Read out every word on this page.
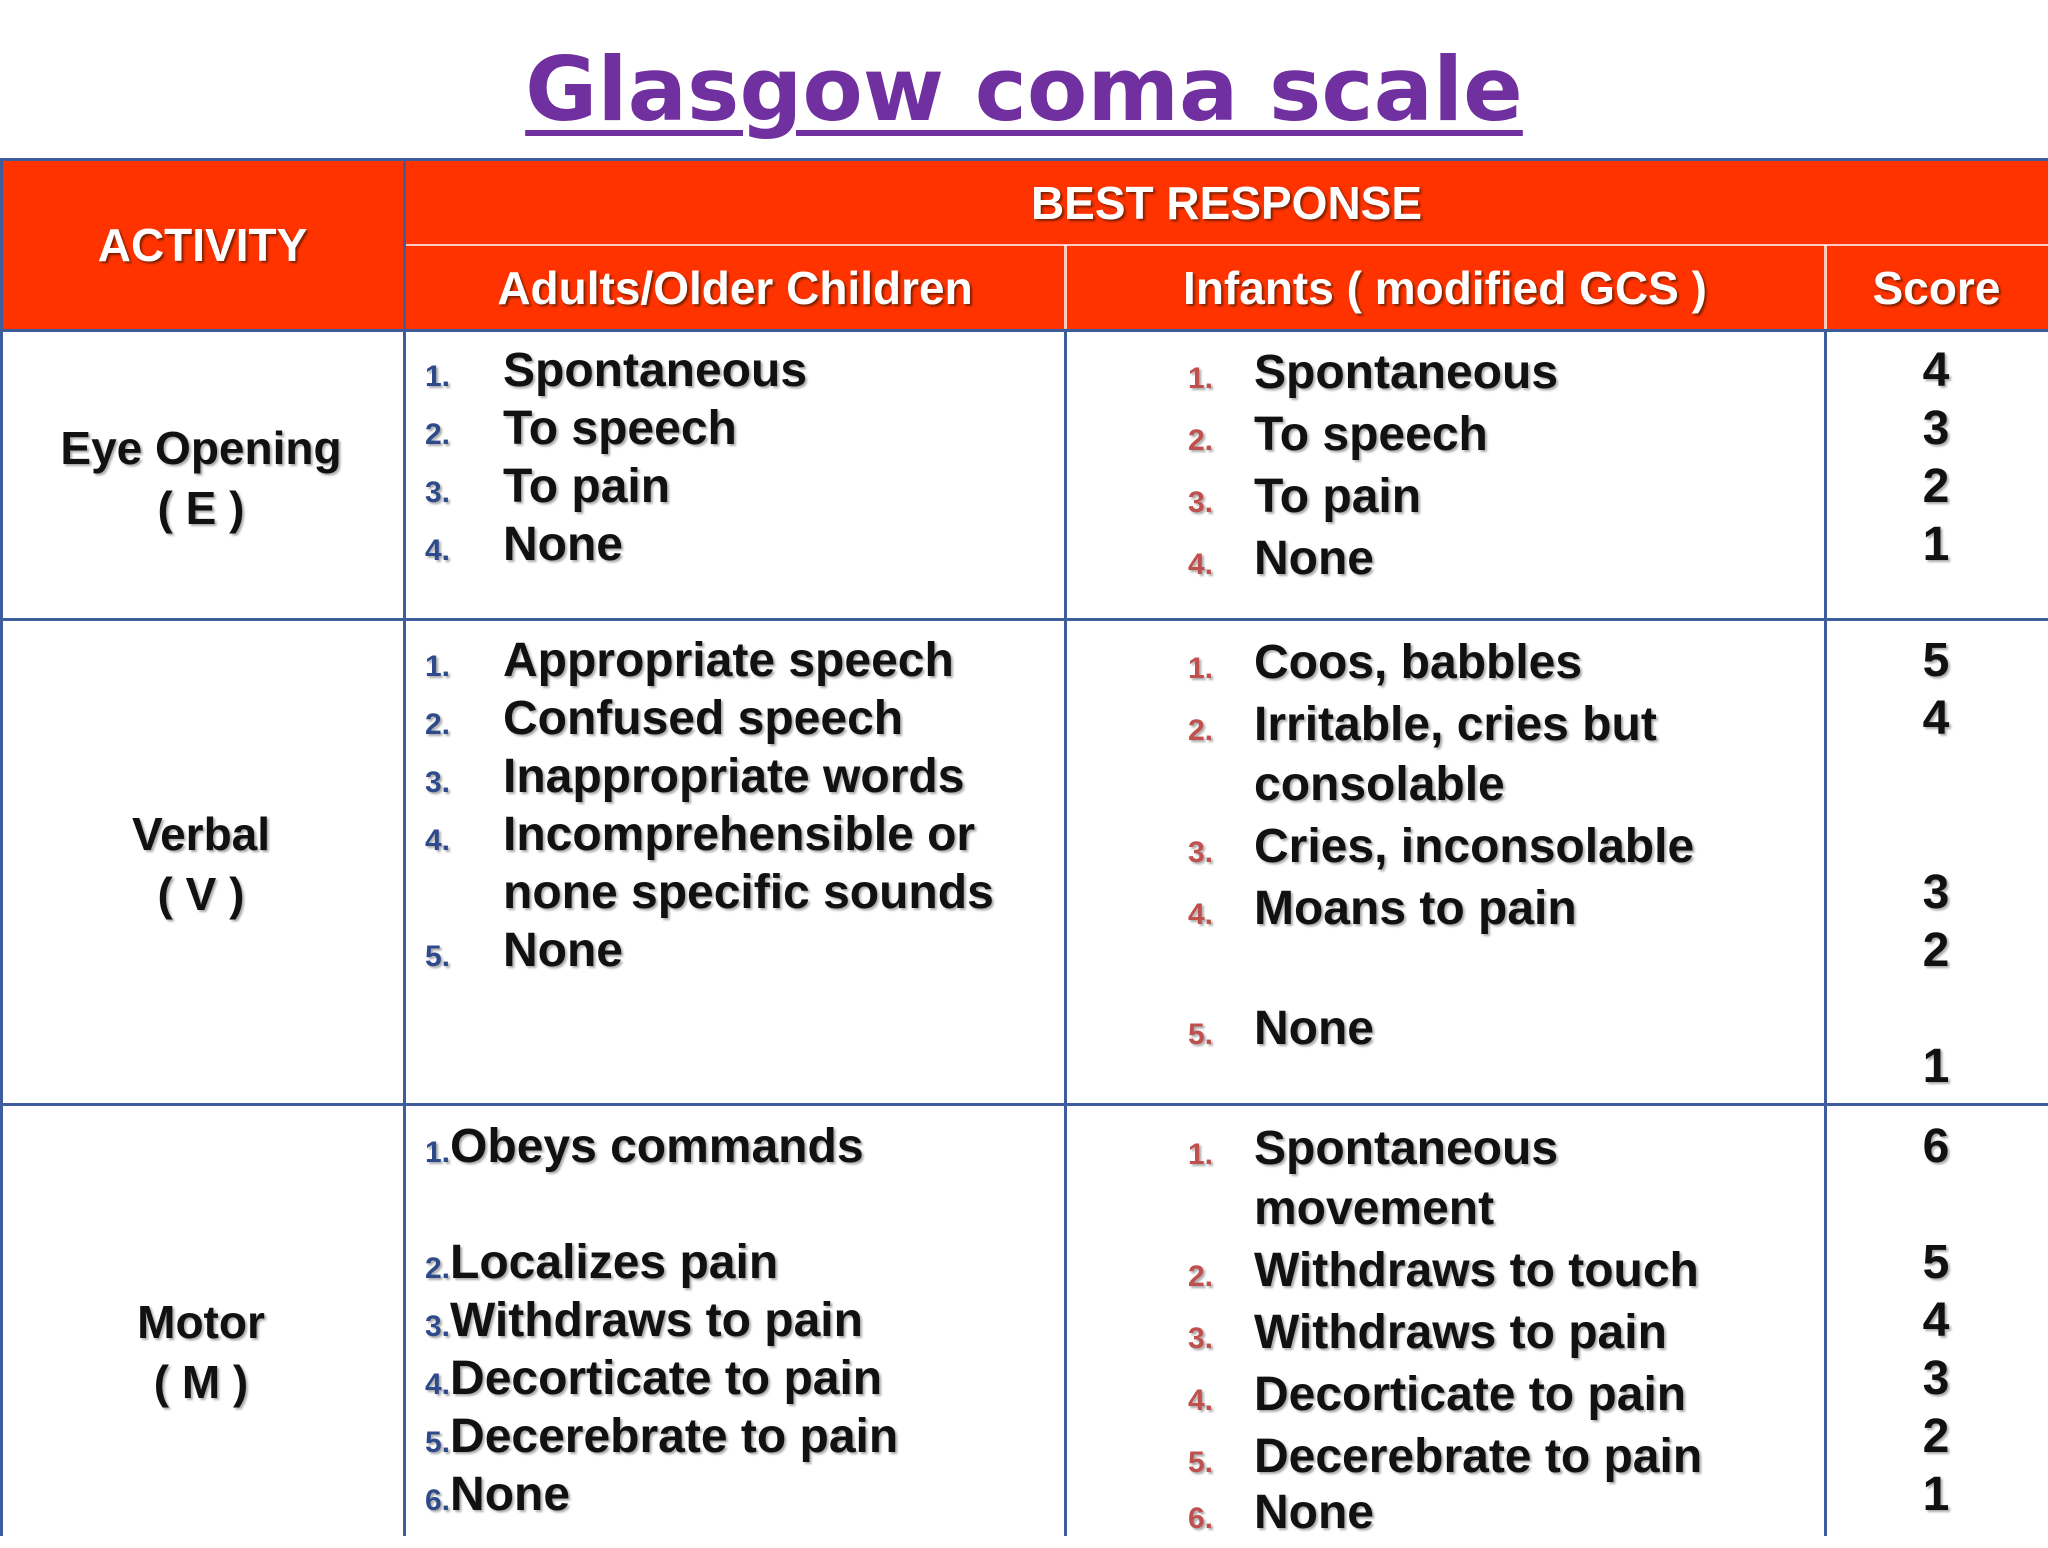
Glasgow coma scale
ACTIVITY
BEST RESPONSE
Adults/Older Children	Infants ( modified GCS )	Score
Eye Opening
( E )
1. Spontaneous
2. To speech
3. To pain
4. None
1. Spontaneous
2. To speech
3. To pain
4. None
4
3
2
1
Verbal
( V )
1. Appropriate speech
2. Confused speech
3. Inappropriate words
4. Incomprehensible or
none specific sounds
5. None
1. Coos, babbles
2. Irritable, cries but
consolable
3. Cries, inconsolable
4. Moans to pain
5. None
5
4
3
2
1
Motor
( M )
1.Obeys commands
2.Localizes pain
3.Withdraws to pain
4.Decorticate to pain
5.Decerebrate to pain
6.None
1. Spontaneous
movement
2. Withdraws to touch
3. Withdraws to pain
4. Decorticate to pain
5. Decerebrate to pain
6. None
6
5
4
3
2
1
